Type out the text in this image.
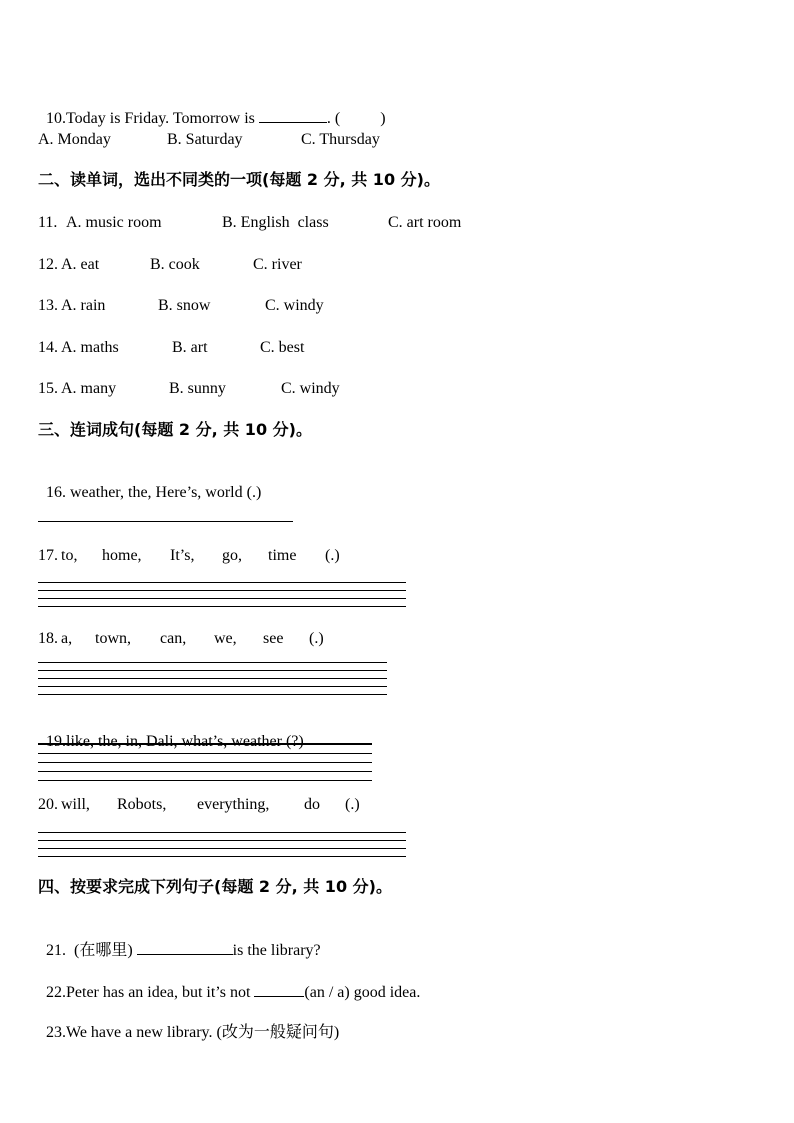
10.Today is Friday. Tomorrow is	. (	)

A. Monday	B. Saturday	C. Thursday
二、读单词，选出不同类的一项(每题 2 分, 共 10 分)。
11. A. music room	B. English  class	C. art room
12. A. eat	B. cook	C. river
13. A. rain	B. snow	C. windy
14. A. maths	B. art	C. best
15. A. many	B. sunny	C. windy
三、连词成句(每题 2 分, 共 10 分)。

16. weather, the, Here’s, world (.)

17. to, home, It’s, go, time (.)
18. a, town, can, we, see (.)

19.like, the, in, Dali, what’s, weather (?)

20. will, Robots, everything, do (.)
四、按要求完成下列句子(每题 2 分, 共 10 分)。

21. (在哪里)	is the library?

22.Peter has an idea, but it’s not	(an / a) good idea.

23.We have a new library. (改为一般疑问句)
